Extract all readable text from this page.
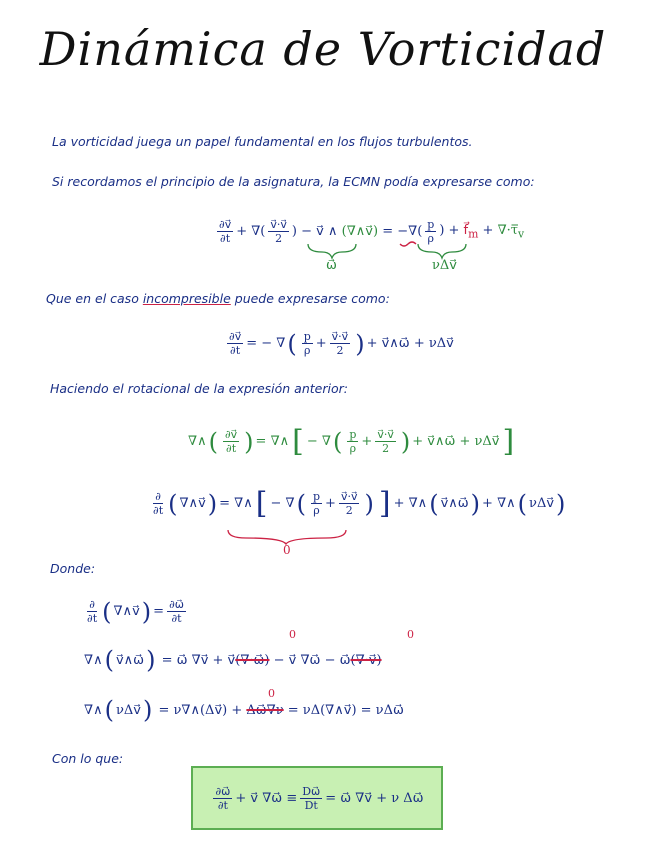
Dinámica de Vorticidad
La vorticidad juega un papel fundamental en los flujos turbulentos.
Si recordamos el principio de la asignatura, la ECMN podía expresarse como:
$\frac{\partial v⃗}{\partial t}$ + ∇( $\frac{v⃗\cdot v⃗}{2}$ ) − v⃗ ∧ (∇∧v⃗) = −∇( $\frac{p}{\rho}$ ) + $f⃗_m$ + $\nabla\cdot\tau̿_v$
ω⃗	νΔv⃗
Que en el caso incompresible puede expresarse como:
$\frac{\partial v⃗}{\partial t}$ = − ∇ ( $\frac{p}{\rho} + \frac{v⃗\cdot v⃗}{2}$ ) + v⃗∧ω⃗ + νΔv⃗
Haciendo el rotacional de la expresión anterior:
∇∧ ( $\frac{\partial v⃗}{\partial t}$ ) = ∇∧ [ − ∇ ( $\frac{p}{\rho} + \frac{v⃗\cdot v⃗}{2}$ ) + v⃗∧ω⃗ + νΔv⃗ ]
$\frac{\partial}{\partial t}$ ( ∇∧v⃗ ) = ∇∧ [ − ∇ ( $\frac{p}{\rho} + \frac{v⃗\cdot v⃗}{2}$ ) ] + ∇∧ ( v⃗∧ω⃗ ) + ∇∧ ( νΔv⃗ )
0
Donde:
$\frac{\partial}{\partial t}$ ( ∇∧v⃗ ) = $\frac{\partial\omega⃗}{\partial t}$
∇∧ ( v⃗∧ω⃗ ) = ω⃗ ∇v⃗ + v⃗(∇·ω⃗) − v⃗ ∇ω⃗ − ω⃗(∇·v⃗)
0	0
∇∧ ( νΔv⃗ ) = ν∇∧(Δv⃗) + Δω⃗∇ν = νΔ(∇∧v⃗) = νΔω⃗
0
Con lo que:
$\frac{\partial\omega⃗}{\partial t}$ + v⃗ ∇ω⃗ ≡ $\frac{D\omega⃗}{Dt}$ = ω⃗ ∇v⃗ + ν Δω⃗
